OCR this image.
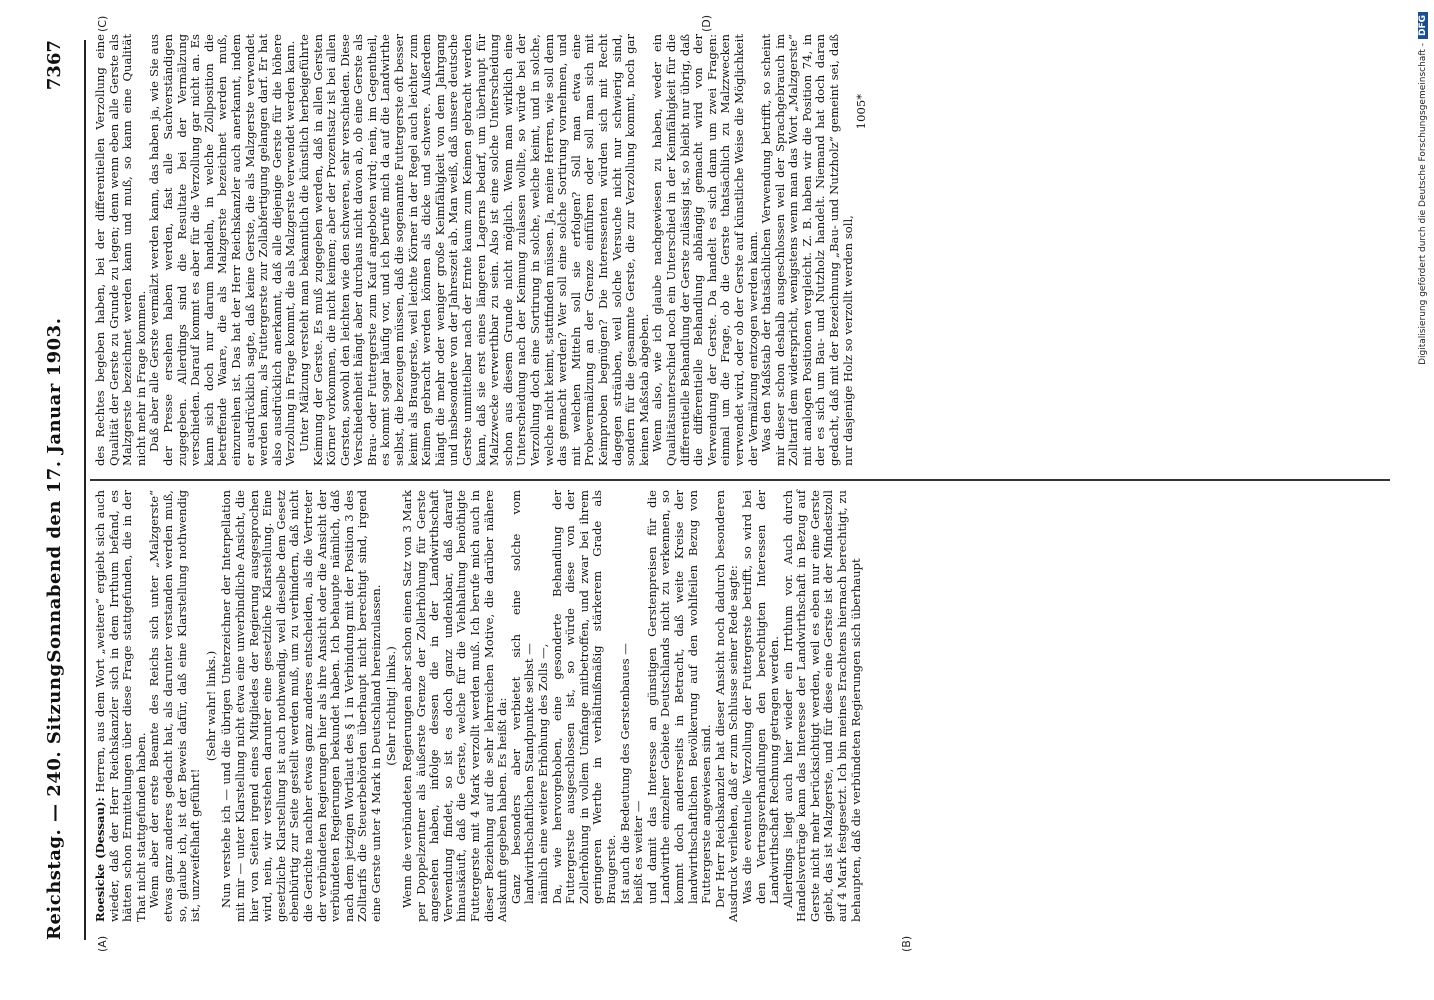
Reichstag. — 240. Sitzung.
Sonnabend den 17. Januar 1903.
7367
(A)	(B)
(C)	(D)

Roesicke (Dessau): Herren, aus dem Wort „weitere“ ergiebt sich auch wieder, daß der Herr Reichskanzler sich in dem Irrthum befand, es hätten schon Ermittelungen über diese Frage stattgefunden, die in der That nicht stattgefunden haben. Wenn aber der erste Beamte des Reichs sich unter „Malzgerste“ etwas ganz anderes gedacht hat, als darunter verstanden werden muß, so, glaube ich, ist der Beweis dafür, daß eine Klarstellung nothwendig ist, unzweifelhaft geführt!

(Sehr wahr! links.) Nun verstehe ich — und die übrigen Unterzeichner der Interpellation mit mir — unter Klarstellung nicht etwa eine unverbindliche Ansicht, die hier von Seiten irgend eines Mitgliedes der Regierung ausgesprochen wird, nein, wir verstehen darunter eine gesetzliche Klarstellung. Eine gesetzliche Klarstellung ist auch nothwendig, weil dieselbe dem Gesetz ebenbürtig zur Seite gestellt werden muß, um zu verhindern, daß nicht die Gerichte nachher etwas ganz anderes entscheiden, als die Vertreter der verbündeten Regierungen hier als ihre Ansicht oder die Ansicht der verbündeten Regierungen bekundet haben. Ich behaupte nämlich, daß nach dem jetzigen Wortlaut des § 1 in Verbindung mit der Position 3 des Zolltarifs die Steuerbehörden überhaupt nicht berechtigt sind, irgend eine Gerste unter 4 Mark in Deutschland hereinzulassen. (Sehr richtig! links.) Wenn die verbündeten Regierungen aber schon einen Satz von 3 Mark per Doppelzentner als äußerste Grenze der Zollerhöhung für Gerste angesehen haben, infolge dessen die in der Landwirthschaft Verwendung findet, so ist es doch ganz undenkbar, daß darauf hinauskäuft, daß die Gerste, welche für die Viehhaltung benöthigte Futtergerste mit 4 Mark verzollt werden muß. Ich berufe mich auch in dieser Beziehung auf die sehr lehrreichen Motive, die darüber nähere Auskunft gegeben haben. Es heißt da: Ganz besonders aber verbietet sich eine solche vom landwirthschaftlichen Standpunkte selbst — nämlich eine weitere Erhöhung des Zolls —, Da, wie hervorgehoben, eine gesonderte Behandlung der Futtergerste ausgeschlossen ist, so würde diese von der Zollerhöhung in vollem Umfange mitbetroffen, und zwar bei ihrem geringeren Werthe in verhältnißmäßig stärkerem Grade als Braugerste. Ist auch die Bedeutung des Gerstenbaues — heißt es weiter — und damit das Interesse an günstigen Gerstenpreisen für die Landwirthe einzelner Gebiete Deutschlands nicht zu verkennen, so kommt doch andererseits in Betracht, daß weite Kreise der landwirthschaftlichen Bevölkerung auf den wohlfeilen Bezug von Futtergerste angewiesen sind. Der Herr Reichskanzler hat dieser Ansicht noch dadurch besonderen Ausdruck verliehen, daß er zum Schlusse seiner Rede sagte: Was die eventuelle Verzollung der Futtergerste betrifft, so wird bei den Vertragsverhandlungen den berechtigten Interessen der Landwirthschaft Rechnung getragen werden. Allerdings liegt auch hier wieder ein Irrthum vor. Auch durch Handelsverträge kann das Interesse der Landwirthschaft in Bezug auf Gerste nicht mehr berücksichtigt werden, weil es eben nur eine Gerste giebt, das ist Malzgerste, und für diese eine Gerste ist der Mindestzoll auf 4 Mark festgesetzt. Ich bin meines Erachtens hiernach berechtigt, zu behaupten, daß die verbündeten Regierungen sich überhaupt

des Rechtes begeben haben, bei der differentiellen Verzollung eine Qualität der Gerste zu Grunde zu legen; denn wenn eben alle Gerste als Malzgerste bezeichnet werden kann und muß, so kann eine Qualität nicht mehr in Frage kommen. Daß aber alle Gerste vermälzt werden kann, das haben ja, wie Sie aus der Presse ersehen haben werden, fast alle Sachverständigen zugegeben. Allerdings sind die Resultate bei der Vermälzung verschieden. Darauf kommt es aber für die Verzollung gar nicht an. Es kann sich doch nur darum handeln, in welche Zollposition die betreffende Waare, die als Malzgerste bezeichnet werden muß, einzureihen ist. Das hat der Herr Reichskanzler auch anerkannt, indem er ausdrücklich sagte, daß keine Gerste, die als Malzgerste verwendet werden kann, als Futtergerste zur Zollabfertigung gelangen darf. Er hat also ausdrücklich anerkannt, daß alle diejenige Gerste für die höhere Verzollung in Frage kommt, die als Malzgerste verwendet werden kann. Unter Mälzung versteht man bekanntlich die künstlich herbeigeführte Keimung der Gerste. Es muß zugegeben werden, daß in allen Gersten Körner vorkommen, die nicht keimen; aber der Prozentsatz ist bei allen Gersten, sowohl den leichten wie den schweren, sehr verschieden. Diese Verschiedenheit hängt aber durchaus nicht davon ab, ob eine Gerste als Brau- oder Futtergerste zum Kauf angeboten wird; nein, im Gegentheil, es kommt sogar häufig vor, und ich berufe mich da auf die Landwirthe selbst, die bezeugen müssen, daß die sogenannte Futtergerste oft besser keimt als Braugerste, weil leichte Körner in der Regel auch leichter zum Keimen gebracht werden können als dicke und schwere. Außerdem hängt die mehr oder weniger große Keimfähigkeit von dem Jahrgang und insbesondere von der Jahreszeit ab. Man weiß, daß unsere deutsche Gerste unmittelbar nach der Ernte kaum zum Keimen gebracht werden kann, daß sie erst eines längeren Lagerns bedarf, um überhaupt für Malzzwecke verwerthbar zu sein. Also ist eine solche Unterscheidung schon aus diesem Grunde nicht möglich. Wenn man wirklich eine Unterscheidung nach der Keimung zulassen wollte, so würde bei der Verzollung doch eine Sortirung in solche, welche keimt, und in solche, welche nicht keimt, stattfinden müssen. Ja, meine Herren, wie soll denn das gemacht werden? Wer soll eine solche Sortirung vornehmen, und mit welchen Mitteln soll sie erfolgen? Soll man etwa eine Probevermälzung an der Grenze einführen oder soll man sich mit Keimproben begnügen? Die Interessenten würden sich mit Recht dagegen sträuben, weil solche Versuche nicht nur schwierig sind, sondern für die gesammte Gerste, die zur Verzollung kommt, noch gar keinen Maßstab abgeben. Wenn also, wie ich glaube nachgewiesen zu haben, weder ein Qualitätsunterschied noch ein Unterschied in der Keimfähigkeit für die differentielle Behandlung der Gerste zulässig ist, so bleibt nur übrig, daß die differentielle Behandlung abhängig gemacht wird von der Verwendung der Gerste. Da handelt es sich dann um zwei Fragen: einmal um die Frage, ob die Gerste thatsächlich zu Malzzwecken verwendet wird, oder ob der Gerste auf künstliche Weise die Möglichkeit der Vermälzung entzogen werden kann. Was den Maßstab der thatsächlichen Verwendung betrifft, so scheint mir dieser schon deshalb ausgeschlossen weil der Sprachgebrauch im Zolltarif dem widerspricht, wenigstens wenn man das Wort „Malzgerste“ mit analogen Positionen vergleicht. Z. B. haben wir die Position 74, in der es sich um Bau- und Nutzholz handelt. Niemand hat doch daran gedacht, daß mit der Bezeichnung „Bau- und Nutzholz“ gemeint sei, daß nur dasjenige Holz so verzollt werden soll,

1005*	Digitalisierung gefördert durch die Deutsche Forschungsgemeinschaft -DFG
